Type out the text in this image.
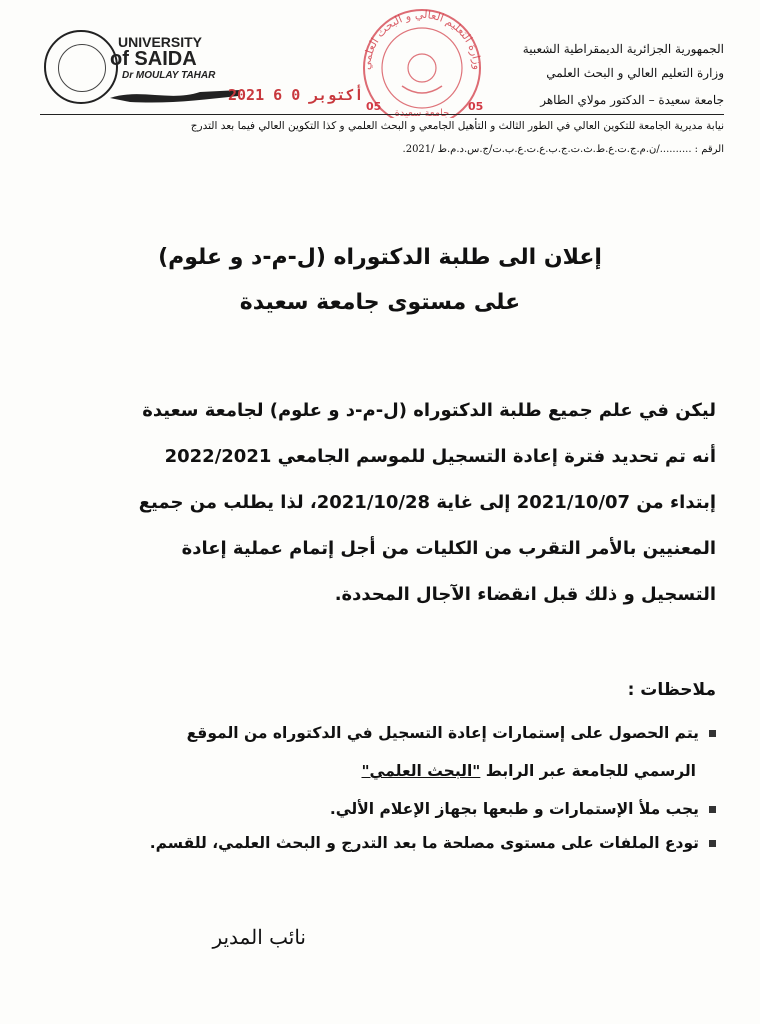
UNIVERSITY
of SAIDA
Dr MOULAY TAHAR
وزارة التعليم العالي و البحث العلمي
05	05
جامعة سعيدة
2021 أكتوبر 0 6
الجمهورية الجزائرية الديمقراطية الشعبية
وزارة التعليم العالي و البحث العلمي
جامعة سعيدة – الدكتور مولاي الطاهر
نيابة مديرية الجامعة للتكوين العالي في الطور الثالث و التأهيل الجامعي و البحث العلمي و كذا التكوين العالي فيما بعد التدرج
الرقم : ........../ن.م.ج.ت.ع.ط.ث.ت.ج.ب.ع.ت.ع.ب.ت/ج.س.د.م.ط /2021.
إعلان الى طلبة الدكتوراه (ل-م-د و علوم)
على مستوى جامعة سعيدة
ليكن في علم جميع طلبة الدكتوراه (ل-م-د و علوم) لجامعة سعيدة
أنه تم تحديد فترة إعادة التسجيل للموسم الجامعي 2022/2021
إبتداء من 2021/10/07 إلى غاية 2021/10/28، لذا يطلب من جميع
المعنيين بالأمر التقرب من الكليات من أجل إتمام عملية إعادة
التسجيل و ذلك قبل انقضاء الآجال المحددة.
ملاحظات :
يتم الحصول على إستمارات إعادة التسجيل في الدكتوراه من الموقع
الرسمي للجامعة عبر الرابط "البحث العلمي"
يجب ملأ الإستمارات و طبعها بجهاز الإعلام الألي.
تودع الملفات على مستوى مصلحة ما بعد التدرج و البحث العلمي، للقسم.
نائب المدير
